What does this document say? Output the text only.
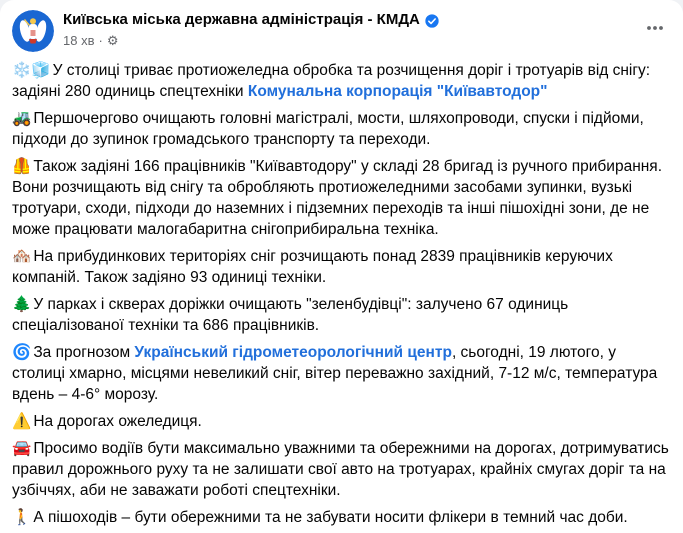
Київська міська державна адміністрація - КМДА
18 хв · ⚙

❄️🧊 У столиці триває протиожеледна обробка та розчищення доріг і тротуарів від снігу: задіяні 280 одиниць спецтехніки Комунальна корпорація "Київавтодор"

🚜 Першочергово очищають головні магістралі, мости, шляхопроводи, спуски і підйоми, підходи до зупинок громадського транспорту та переходи.

🦺 Також задіяні 166 працівників "Київавтодору" у складі 28 бригад із ручного прибирання. Вони розчищають від снігу та обробляють протиожеледними засобами зупинки, вузькі тротуари, сходи, підходи до наземних і підземних переходів та інші пішохідні зони, де не може працювати малогабаритна снігоприбиральна техніка.

🏘️ На прибудинкових територіях сніг розчищають понад 2839 працівників керуючих компаній. Також задіяно 93 одиниці техніки.

🌲 У парках і скверах доріжки очищають "зеленбудівці": залучено 67 одиниць спеціалізованої техніки та 686 працівників.

🌀 За прогнозом Український гідрометеорологічний центр, сьогодні, 19 лютого, у столиці хмарно, місцями невеликий сніг, вітер переважно західний, 7-12 м/с, температура вдень – 4-6° морозу.

⚠️ На дорогах ожеледиця.

🚘 Просимо водіїв бути максимально уважними та обережними на дорогах, дотримуватись правил дорожнього руху та не залишати свої авто на тротуарах, крайніх смугах доріг та на узбіччях, аби не заважати роботі спецтехніки.

🚶 А пішоходів – бути обережними та не забувати носити флікери в темний час доби.
